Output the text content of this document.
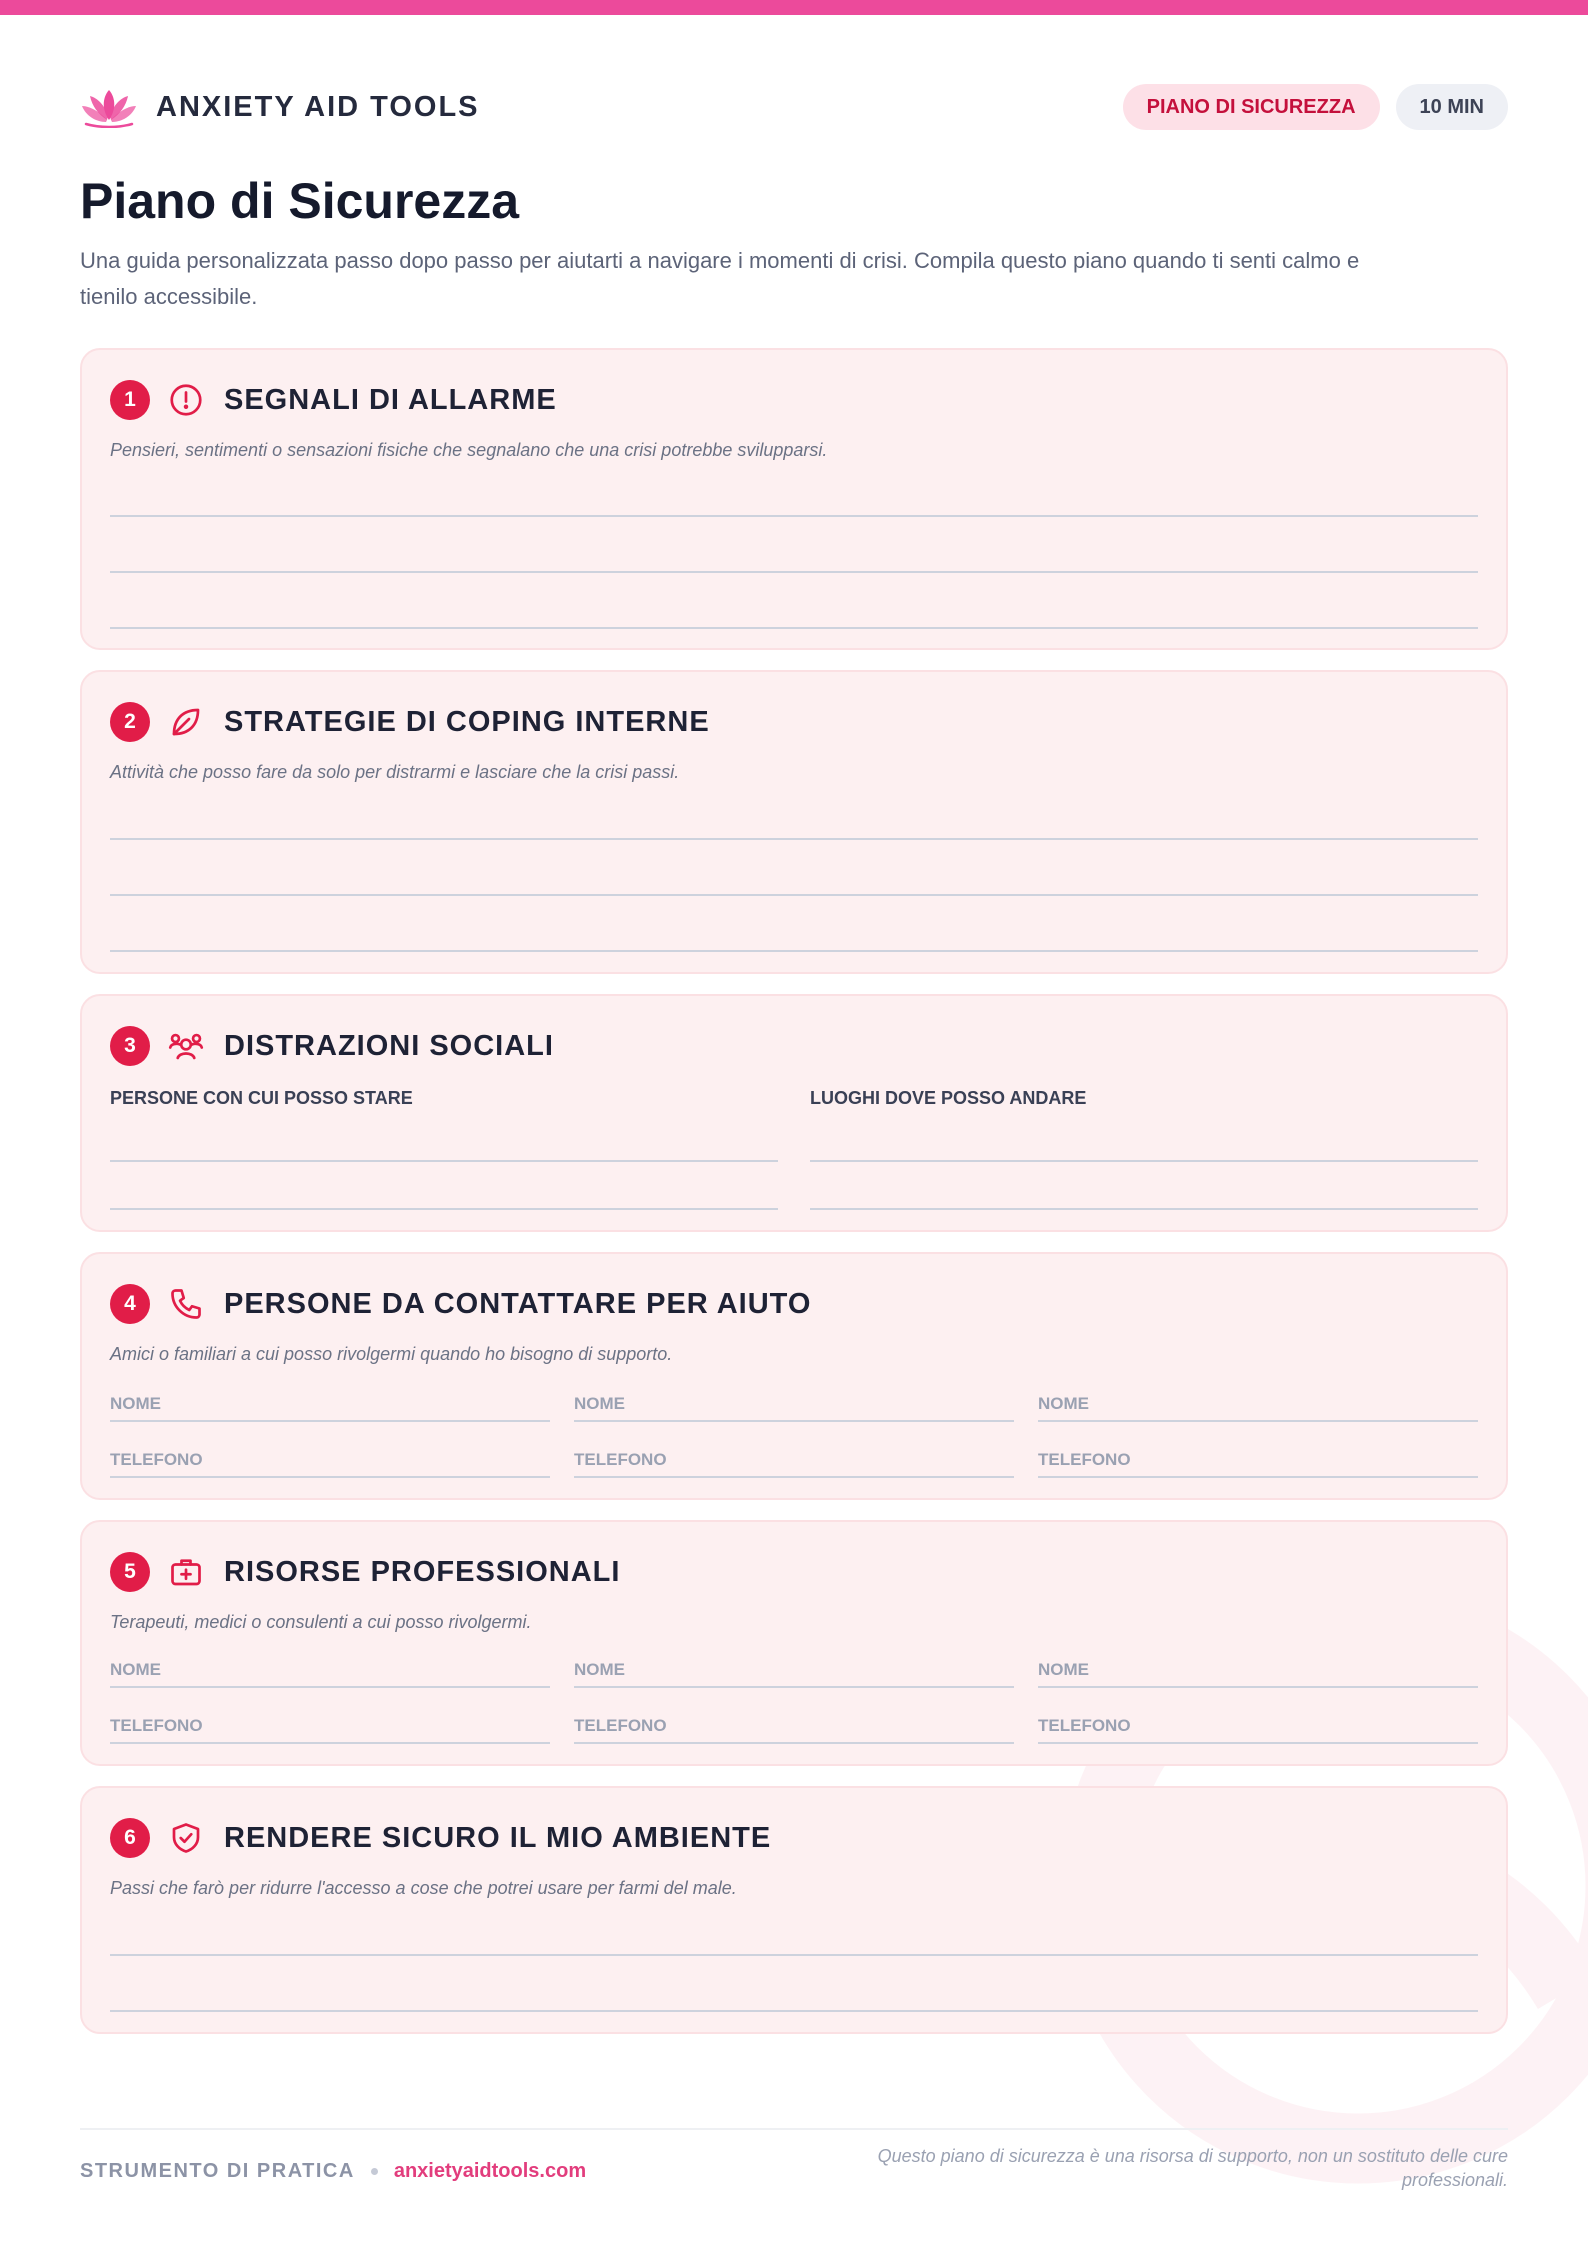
ANXIETY AID TOOLS	PIANO DI SICUREZZA	10 MIN
Piano di Sicurezza

Una guida personalizzata passo dopo passo per aiutarti a navigare i momenti di crisi. Compila questo piano quando ti senti calmo e tienilo accessibile.

1	SEGNALI DI ALLARME
Pensieri, sentimenti o sensazioni fisiche che segnalano che una crisi potrebbe svilupparsi.
2	STRATEGIE DI COPING INTERNE
Attività che posso fare da solo per distrarmi e lasciare che la crisi passi.
3	DISTRAZIONI SOCIALI
PERSONE CON CUI POSSO STARE	LUOGHI DOVE POSSO ANDARE
4	PERSONE DA CONTATTARE PER AIUTO
Amici o familiari a cui posso rivolgermi quando ho bisogno di supporto.
NOME	NOME	NOME
TELEFONO	TELEFONO	TELEFONO
5	RISORSE PROFESSIONALI
Terapeuti, medici o consulenti a cui posso rivolgermi.
NOME	NOME	NOME
TELEFONO	TELEFONO	TELEFONO
6	RENDERE SICURO IL MIO AMBIENTE
Passi che farò per ridurre l'accesso a cose che potrei usare per farmi del male.
STRUMENTO DI PRATICA anxietyaidtools.com
Questo piano di sicurezza è una risorsa di supporto, non un sostituto delle cure professionali.
